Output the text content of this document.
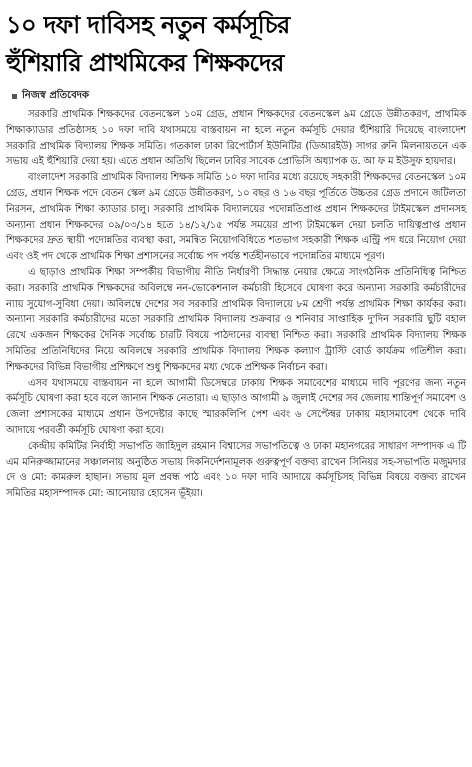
১০ দফা দাবিসহ নতুন কর্মসূচির
হুঁশিয়ারি প্রাথমিকের শিক্ষকদের
নিজস্ব প্রতিবেদক

সরকারি প্রাথমিক শিক্ষকদের বেতনস্কেল ১০ম গ্রেড, প্রধান শিক্ষকদের বেতনস্কেল ৯ম গ্রেডে উন্নীতকরণ, প্রাথমিক শিক্ষাক্যাডার প্রতিষ্ঠাসহ ১০ দফা দাবি যথাসময়ে বাস্তবায়ন না হলে নতুন কর্মসূচি দেয়ার হুঁশিয়ারি দিয়েছে বাংলাদেশ সরকারি প্রাথমিক বিদ্যালয় শিক্ষক সমিতি। গতকাল ঢাকা রিপোর্টার্স ইউনিটির (ডিআরইউ) সাগর রুনি মিলনায়তনে এক সভায় এই হুঁশিয়ারি দেয়া হয়। এতে প্রধান অতিথি ছিলেন ঢাবির সাবেক প্রোভিসি অধ্যাপক ড. আ ফ ম ইউসুফ হায়দার।

বাংলাদেশ সরকারি প্রাথমিক বিদ্যালয় শিক্ষক সমিতি ১০ দফা দাবির মধ্যে রয়েছে সহকারী শিক্ষকদের বেতনস্কেল ১০ম গ্রেড, প্রধান শিক্ষক পদে বেতন স্কেল ৯ম গ্রেডে উন্নীতকরণ, ১০ বছর ও ১৬ বছর পূর্তিতে উচ্চতর গ্রেড প্রদানে জটিলতা নিরসন, প্রাথমিক শিক্ষা ক্যাডার চালু। সরকারি প্রাথমিক বিদ্যালয়ের পদোন্নতিপ্রাপ্ত প্রধান শিক্ষকদের টাইমস্কেল প্রদানসহ অন্যান্য প্রধান শিক্ষকদের ০৯/০৩/১৪ হতে ১৪/১২/১৫ পর্যন্ত সময়ের প্রাপ্য টাইমস্কেল দেয়া চলতি দায়িত্বপ্রাপ্ত প্রধান শিক্ষকদের দ্রুত স্থায়ী পদোন্নতির ব্যবস্থা করা, সমন্বিত নিয়োগবিধিতে শতভাগ সহকারী শিক্ষক এন্ট্রি পদ ধরে নিয়োগ দেয়া এবং ওই পদ থেকে প্রাথমিক শিক্ষা প্রশাসনের সর্বোচ্চ পদ পর্যন্ত শর্তহীনভাবে পদোন্নতির মাধ্যমে পূরণ।

এ ছাড়াও প্রাথমিক শিক্ষা সম্পর্কীয় বিভাগীয় নীতি নির্ধারণী সিদ্ধান্ত নেয়ার ক্ষেত্রে সাংগঠনিক প্রতিনিধিত্ব নিশ্চিত করা। সরকারি প্রাথমিক শিক্ষকদের অবিলম্বে নন-ভোকেশনাল কর্মচারী হিসেবে ঘোষণা করে অন্যান্য সরকারি কর্মচারীদের ন্যায় সুযোগ-সুবিধা দেয়া। অবিলম্বে দেশের সব সরকারি প্রাথমিক বিদ্যালয়ে ৮ম শ্রেণী পর্যন্ত প্রাথমিক শিক্ষা কার্যকর করা। অন্যান্য সরকারি কর্মচারীদের মতো সরকারি প্রাথমিক বিদ্যালয় শুক্রবার ও শনিবার সাপ্তাহিক দু'দিন সরকারি ছুটি বহাল রেখে একজন শিক্ষকের দৈনিক সর্বোচ্চ চারটি বিষয়ে পাঠদানের ব্যবস্থা নিশ্চিত করা। সরকারি প্রাথমিক বিদ্যালয় শিক্ষক সমিতির প্রতিনিধিদের নিয়ে অবিলম্বে সরকারি প্রাথমিক বিদ্যালয় শিক্ষক কল্যাণ ট্রাস্টি বোর্ড কার্যক্রম গতিশীল করা। শিক্ষকদের বিভিন্ন বিভাগীয় প্রশিক্ষণে শুধু শিক্ষকদের মধ্য থেকে প্রশিক্ষক নির্বাচন করা।

এসব যথাসময়ে বাস্তবায়ন না হলে আগামী ডিসেম্বরে ঢাকায় শিক্ষক সমাবেশের মাধ্যমে দাবি পূরণের জন্য নতুন কর্মসূচি ঘোষণা করা হবে বলে জানান শিক্ষক নেতারা। এ ছাড়াও আগামী ৯ জুলাই দেশের সব জেলায় শান্তিপূর্ণ সমাবেশ ও জেলা প্রশাসকের মাধ্যমে প্রধান উপদেষ্টার কাছে স্মারকলিপি পেশ এবং ৬ সেপ্টেম্বর ঢাকায় মহাসমাবেশ থেকে দাবি আদায়ে পরবর্তী কর্মসূচি ঘোষণা করা হবে।

কেন্দ্রীয় কমিটির নির্বাহী সভাপতি জাহিদুল রহমান বিশ্বাসের সভাপতিত্বে ও ঢাকা মহানগরের সাধারণ সম্পাদক এ টি এম মনিরুজ্জামানের সঞ্চালনায় অনুষ্ঠিত সভায় দিকনির্দেশনামূলক গুরুত্বপূর্ণ বক্তব্য রাখেন সিনিয়র সহ-সভাপতি মজুমদার দে ও মো: কামরুল হাছান। সভায় মূল প্রবন্ধ পাঠ এবং ১০ দফা দাবি আদায়ে কর্মসূচিসহ বিভিন্ন বিষয়ে বক্তব্য রাখেন সমিতির মহাসম্পাদক মো: আনোয়ার হোসেন ভূঁইয়া।
